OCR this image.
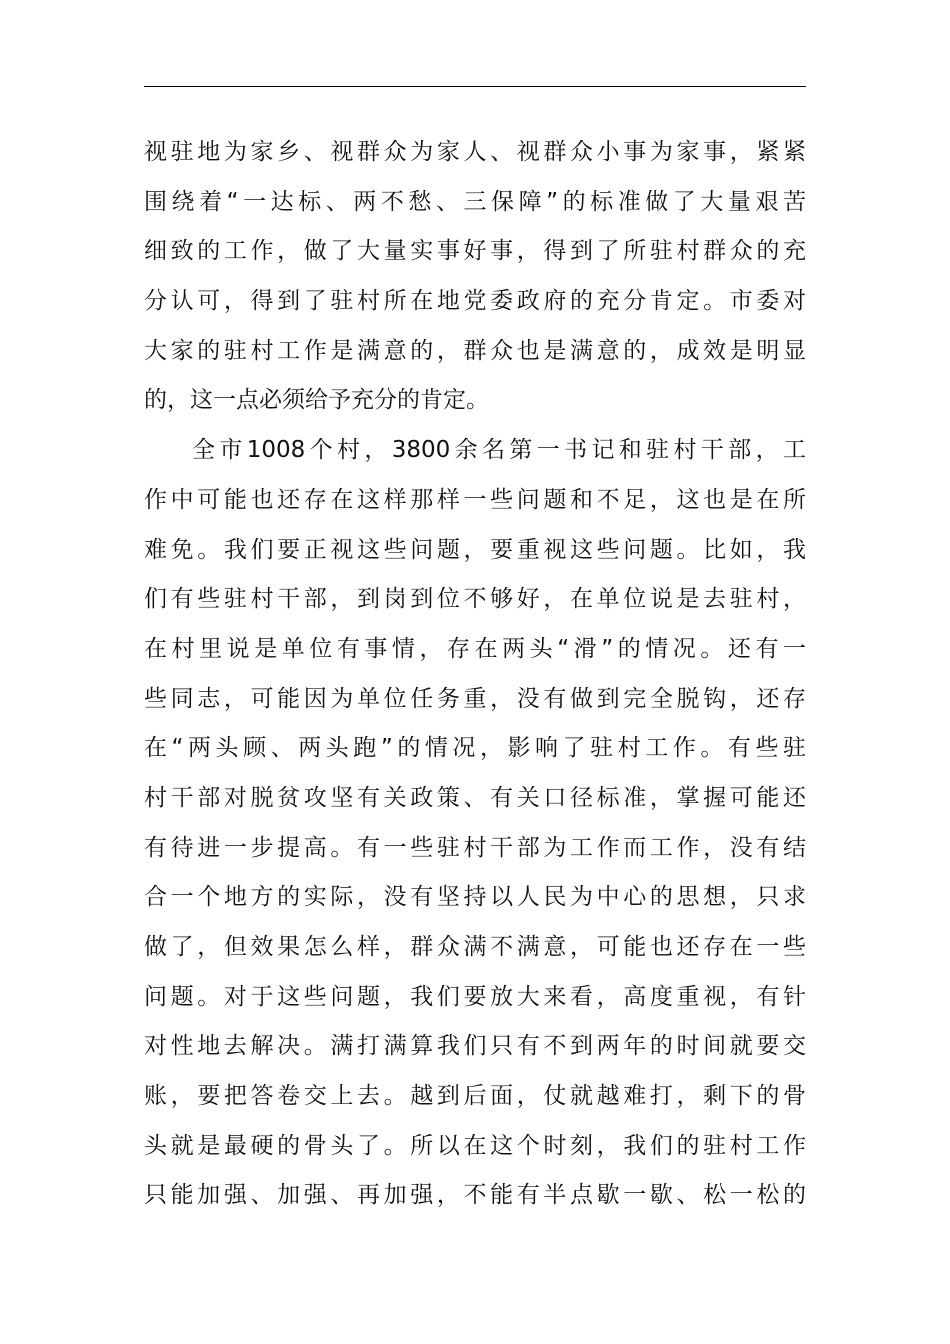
视驻地为家乡、视群众为家人、视群众小事为家事，紧紧
围绕着“一达标、两不愁、三保障”的标准做了大量艰苦
细致的工作，做了大量实事好事，得到了所驻村群众的充
分认可，得到了驻村所在地党委政府的充分肯定。市委对
大家的驻村工作是满意的，群众也是满意的，成效是明显
的，这一点必须给予充分的肯定。
全市1008个村，3800余名第一书记和驻村干部，工
作中可能也还存在这样那样一些问题和不足，这也是在所
难免。我们要正视这些问题，要重视这些问题。比如，我
们有些驻村干部，到岗到位不够好，在单位说是去驻村，
在村里说是单位有事情，存在两头“滑”的情况。还有一
些同志，可能因为单位任务重，没有做到完全脱钩，还存
在“两头顾、两头跑”的情况，影响了驻村工作。有些驻
村干部对脱贫攻坚有关政策、有关口径标准，掌握可能还
有待进一步提高。有一些驻村干部为工作而工作，没有结
合一个地方的实际，没有坚持以人民为中心的思想，只求
做了，但效果怎么样，群众满不满意，可能也还存在一些
问题。对于这些问题，我们要放大来看，高度重视，有针
对性地去解决。满打满算我们只有不到两年的时间就要交
账，要把答卷交上去。越到后面，仗就越难打，剩下的骨
头就是最硬的骨头了。所以在这个时刻，我们的驻村工作
只能加强、加强、再加强，不能有半点歇一歇、松一松的
